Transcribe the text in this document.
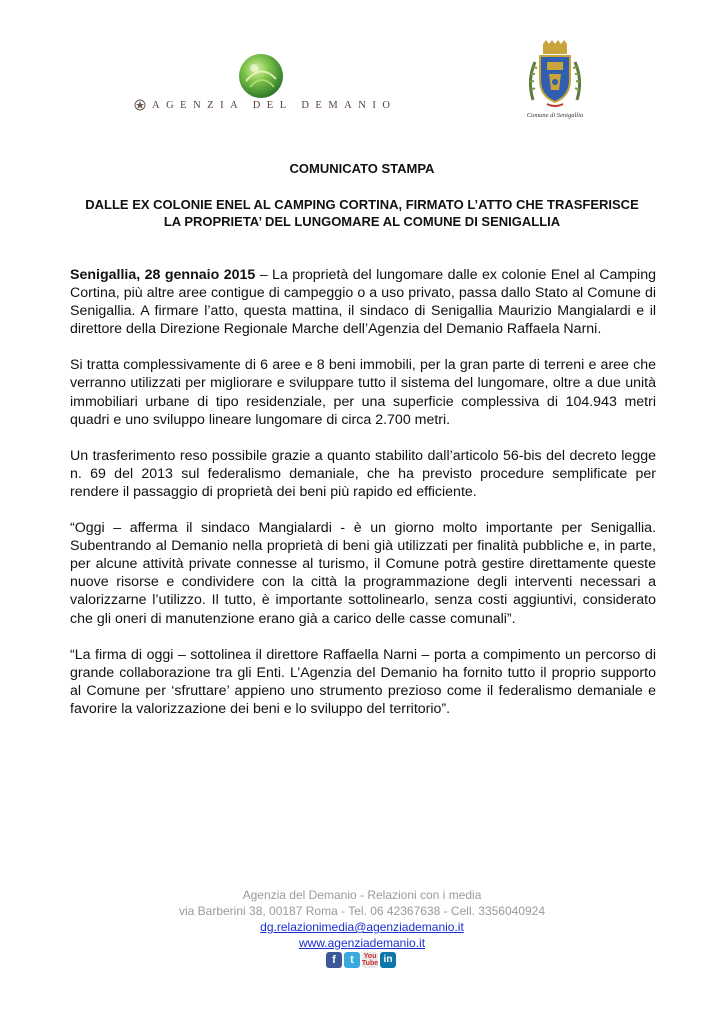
AGENZIA DEL DEMANIO
Comune di Senigallia
COMUNICATO STAMPA
DALLE EX COLONIE ENEL AL CAMPING CORTINA, FIRMATO L’ATTO CHE TRASFERISCE
LA PROPRIETA’ DEL LUNGOMARE AL COMUNE DI SENIGALLIA

Senigallia, 28 gennaio 2015 – La proprietà del lungomare dalle ex colonie Enel al Camping Cortina, più altre aree contigue di campeggio o a uso privato, passa dallo Stato al Comune di Senigallia. A firmare l’atto, questa mattina, il sindaco di Senigallia Maurizio Mangialardi e il direttore della Direzione Regionale Marche dell’Agenzia del Demanio Raffaela Narni.

Si tratta complessivamente di 6 aree e 8 beni immobili, per la gran parte di terreni e aree che verranno utilizzati per migliorare e sviluppare tutto il sistema del lungomare, oltre a due unità immobiliari urbane di tipo residenziale, per una superficie complessiva di 104.943 metri quadri e uno sviluppo lineare lungomare di circa 2.700 metri.

Un trasferimento reso possibile grazie a quanto stabilito dall’articolo 56-bis del decreto legge n. 69 del 2013 sul federalismo demaniale, che ha previsto procedure semplificate per rendere il passaggio di proprietà dei beni più rapido ed efficiente.

“Oggi – afferma il sindaco Mangialardi - è un giorno molto importante per Senigallia. Subentrando al Demanio nella proprietà di beni già utilizzati per finalità pubbliche e, in parte, per alcune attività private connesse al turismo, il Comune potrà gestire direttamente queste nuove risorse e condividere con la città la programmazione degli interventi necessari a valorizzarne l’utilizzo. Il tutto, è importante sottolinearlo, senza costi aggiuntivi, considerato che gli oneri di manutenzione erano già a carico delle casse comunali”.

“La firma di oggi – sottolinea il direttore Raffaella Narni – porta a compimento un percorso di grande collaborazione tra gli Enti. L’Agenzia del Demanio ha fornito tutto il proprio supporto al Comune per ‘sfruttare’ appieno uno strumento prezioso come il federalismo demaniale e favorire la valorizzazione dei beni e lo sviluppo del territorio”.

Agenzia del Demanio - Relazioni con i media
via Barberini 38, 00187 Roma - Tel. 06 42367638 - Cell. 3356040924
dg.relazionimedia@agenziademanio.it
www.agenziademanio.it
f t You
Tube in
